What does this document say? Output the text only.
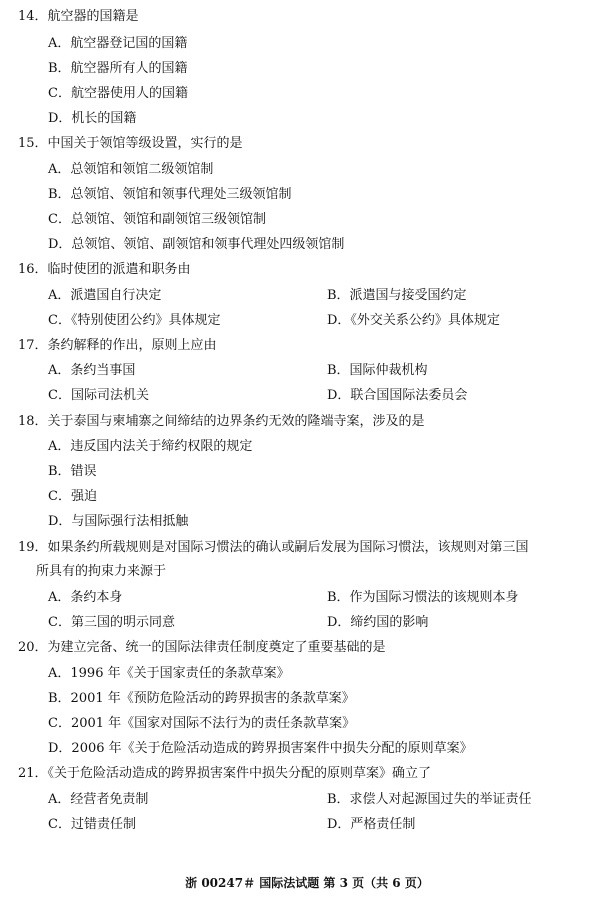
14．航空器的国籍是
A．航空器登记国的国籍
B．航空器所有人的国籍
C．航空器使用人的国籍
D．机长的国籍
15．中国关于领馆等级设置，实行的是
A．总领馆和领馆二级领馆制
B．总领馆、领馆和领事代理处三级领馆制
C．总领馆、领馆和副领馆三级领馆制
D．总领馆、领馆、副领馆和领事代理处四级领馆制
16．临时使团的派遣和职务由
A．派遣国自行决定	B．派遣国与接受国约定
C．《特别使团公约》具体规定	D．《外交关系公约》具体规定
17．条约解释的作出，原则上应由
A．条约当事国	B．国际仲裁机构
C．国际司法机关	D．联合国国际法委员会
18．关于泰国与柬埔寨之间缔结的边界条约无效的隆端寺案，涉及的是
A．违反国内法关于缔约权限的规定
B．错误
C．强迫
D．与国际强行法相抵触
19．如果条约所载规则是对国际习惯法的确认或嗣后发展为国际习惯法，该规则对第三国
所具有的拘束力来源于
A．条约本身	B．作为国际习惯法的该规则本身
C．第三国的明示同意	D．缔约国的影响
20．为建立完备、统一的国际法律责任制度奠定了重要基础的是
A．1996 年《关于国家责任的条款草案》
B．2001 年《预防危险活动的跨界损害的条款草案》
C．2001 年《国家对国际不法行为的责任条款草案》
D．2006 年《关于危险活动造成的跨界损害案件中损失分配的原则草案》
21．《关于危险活动造成的跨界损害案件中损失分配的原则草案》确立了
A．经营者免责制	B．求偿人对起源国过失的举证责任
C．过错责任制	D．严格责任制
浙 00247＃ 国际法试题 第 3 页（共 6 页）
